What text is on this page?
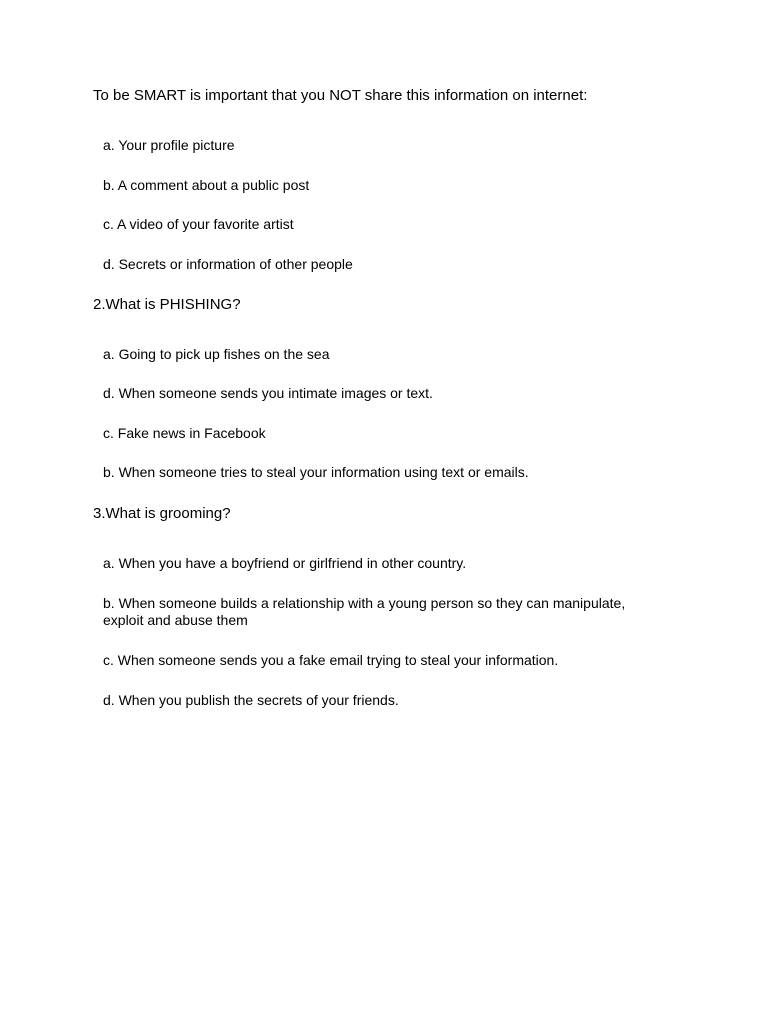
To be SMART is important that you NOT share this information on internet:
a. Your profile picture
b. A comment about a public post
c. A video of your favorite artist
d. Secrets or information of other people
2.What is PHISHING?
a. Going to pick up fishes on the sea
d. When someone sends you intimate images or text.
c. Fake news in Facebook
b. When someone tries to steal your information using text or emails.
3.What is grooming?
a. When you have a boyfriend or girlfriend in other country.
b. When someone builds a relationship with a young person so they can manipulate, exploit and abuse them
c. When someone sends you a fake email trying to steal your information.
d. When you publish the secrets of your friends.
